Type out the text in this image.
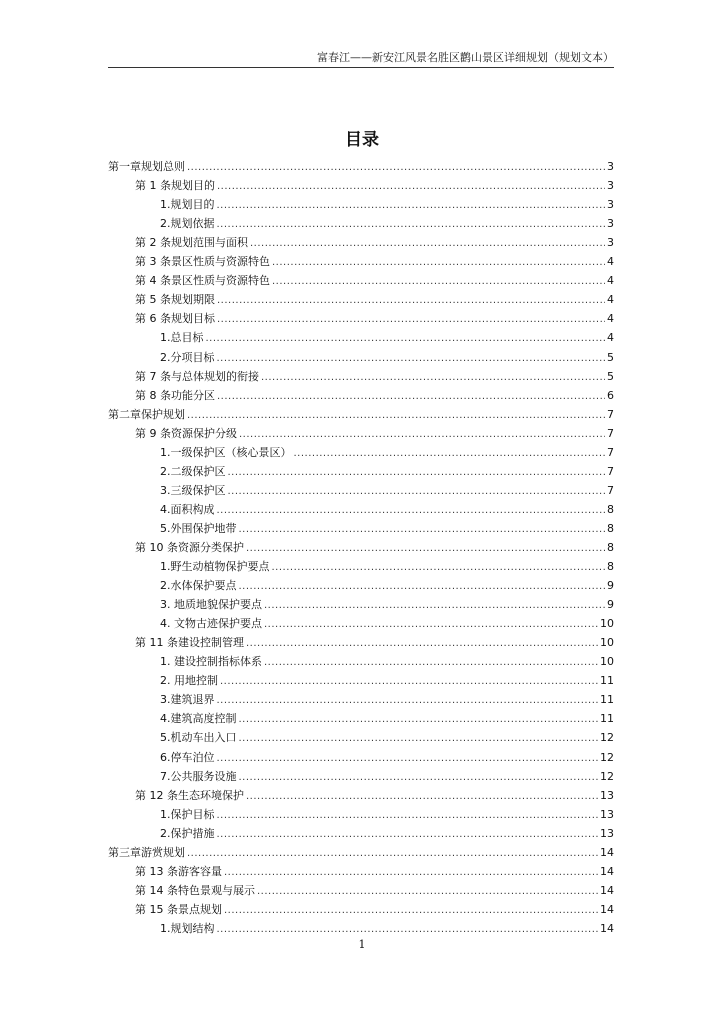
富春江——新安江风景名胜区鹳山景区详细规划（规划文本）
目录
第一章 规划总则 .....	3
第 1 条规划目的 .....	3
1.规划目的 .....	3
2.规划依据 .....	3
第 2 条规划范围与面积 .....	3
第 3 条景区性质与资源特色 .....	4
第 4 条景区性质与资源特色 .....	4
第 5 条规划期限 .....	4
第 6 条规划目标 .....	4
1.总目标 .....	4
2.分项目标 .....	5
第 7 条与总体规划的衔接 .....	5
第 8 条功能分区 .....	6
第二章 保护规划 .....	7
第 9 条资源保护分级 .....	7
1.一级保护区（核心景区） .....	7
2.二级保护区 .....	7
3.三级保护区 .....	7
4.面积构成 .....	8
5.外围保护地带 .....	8
第 10 条资源分类保护 .....	8
1.野生动植物保护要点 .....	8
2.水体保护要点 .....	9
3. 地质地貌保护要点 .....	9
4. 文物古迹保护要点 .....	10
第 11 条建设控制管理 .....	10
1. 建设控制指标体系 .....	10
2. 用地控制 .....	11
3.建筑退界 .....	11
4.建筑高度控制 .....	11
5.机动车出入口 .....	12
6.停车泊位 .....	12
7.公共服务设施 .....	12
第 12 条生态环境保护 .....	13
1.保护目标 .....	13
2.保护措施 .....	13
第三章 游赏规划 .....	14
第 13 条游客容量 .....	14
第 14 条特色景观与展示 .....	14
第 15 条景点规划 .....	14
1.规划结构 .....	14
1
